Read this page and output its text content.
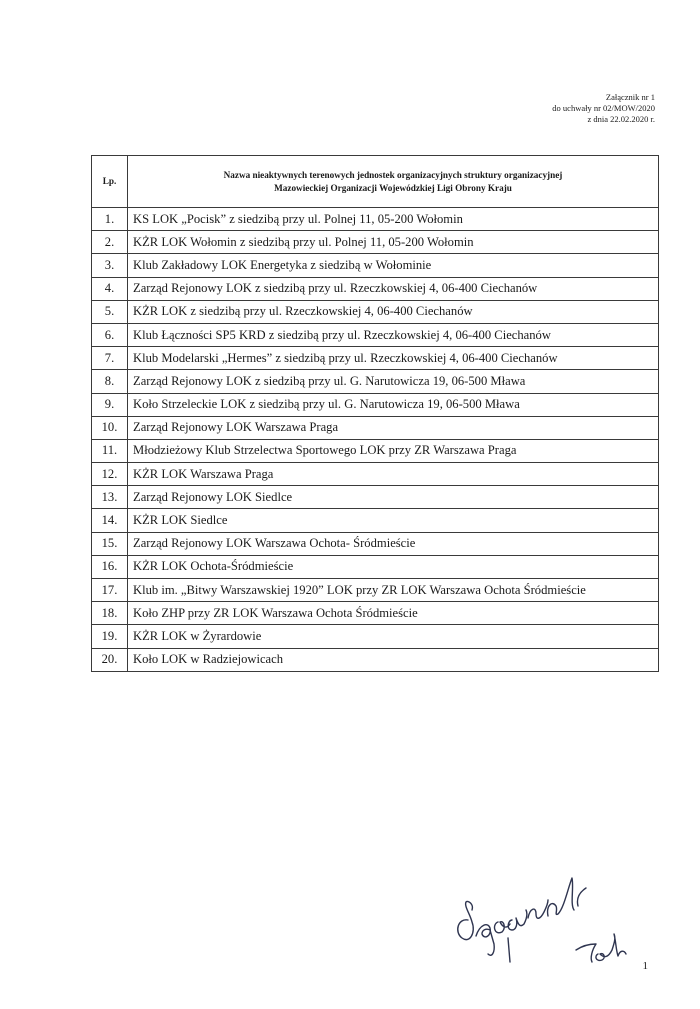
Załącznik nr 1
do uchwały nr 02/MOW/2020
z dnia 22.02.2020 r.
Lp.	Nazwa nieaktywnych terenowych jednostek organizacyjnych struktury organizacyjnej
Mazowieckiej Organizacji Wojewódzkiej Ligi Obrony Kraju

1.	KS LOK „Pocisk” z siedzibą przy ul. Polnej 11, 05-200 Wołomin
2.	KŻR LOK Wołomin z siedzibą przy ul. Polnej 11, 05-200 Wołomin
3.	Klub Zakładowy LOK Energetyka z siedzibą w Wołominie
4.	Zarząd Rejonowy LOK z siedzibą przy ul. Rzeczkowskiej 4, 06-400 Ciechanów
5.	KŻR LOK z siedzibą przy ul. Rzeczkowskiej 4, 06-400 Ciechanów
6.	Klub Łączności SP5 KRD z siedzibą przy ul. Rzeczkowskiej 4, 06-400 Ciechanów
7.	Klub Modelarski „Hermes” z siedzibą przy ul. Rzeczkowskiej 4, 06-400 Ciechanów
8.	Zarząd Rejonowy LOK z siedzibą przy ul. G. Narutowicza 19, 06-500 Mława
9.	Koło Strzeleckie LOK z siedzibą przy ul. G. Narutowicza 19, 06-500 Mława
10.	Zarząd Rejonowy LOK Warszawa Praga
11.	Młodzieżowy Klub Strzelectwa Sportowego LOK przy ZR Warszawa Praga
12.	KŻR LOK Warszawa Praga
13.	Zarząd Rejonowy LOK Siedlce
14.	KŻR LOK Siedlce
15.	Zarząd Rejonowy LOK Warszawa Ochota- Śródmieście
16.	KŻR LOK Ochota-Śródmieście
17.	Klub im. „Bitwy Warszawskiej 1920” LOK przy ZR LOK Warszawa Ochota Śródmieście
18.	Koło ZHP przy ZR LOK Warszawa Ochota Śródmieście
19.	KŻR LOK w Żyrardowie
20.	Koło LOK w Radziejowicach
1
